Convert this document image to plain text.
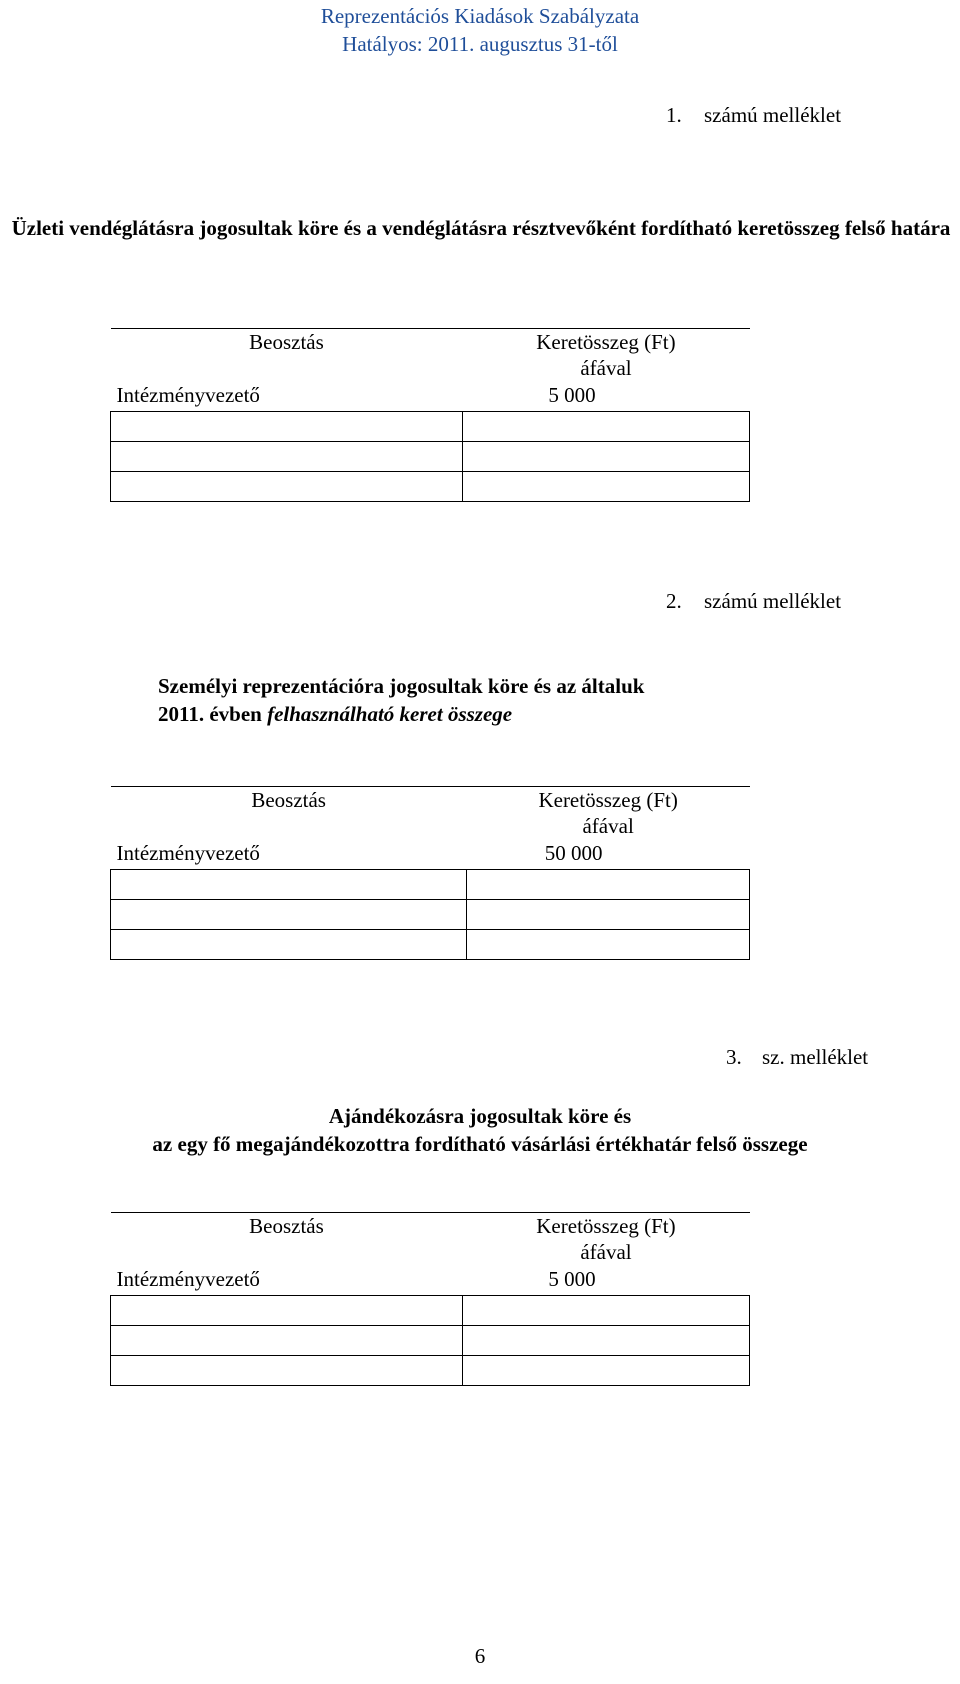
Reprezentációs Kiadások Szabályzata
Hatályos: 2011. augusztus 31-től
1. számú melléklet
Üzleti vendéglátásra jogosultak köre és a vendéglátásra résztvevőként fordítható keretösszeg felső határa
Beosztás	Keretösszeg (Ft)
áfával

Intézményvezető	5 000

2. számú melléklet
Személyi reprezentációra jogosultak köre és az általuk
2011. évben felhasználható keret összege
Beosztás	Keretösszeg (Ft)
áfával

Intézményvezető	50 000

3. sz. melléklet
Ajándékozásra jogosultak köre és
az egy fő megajándékozottra fordítható vásárlási értékhatár felső összege
Beosztás	Keretösszeg (Ft)
áfával

Intézményvezető	5 000

6
